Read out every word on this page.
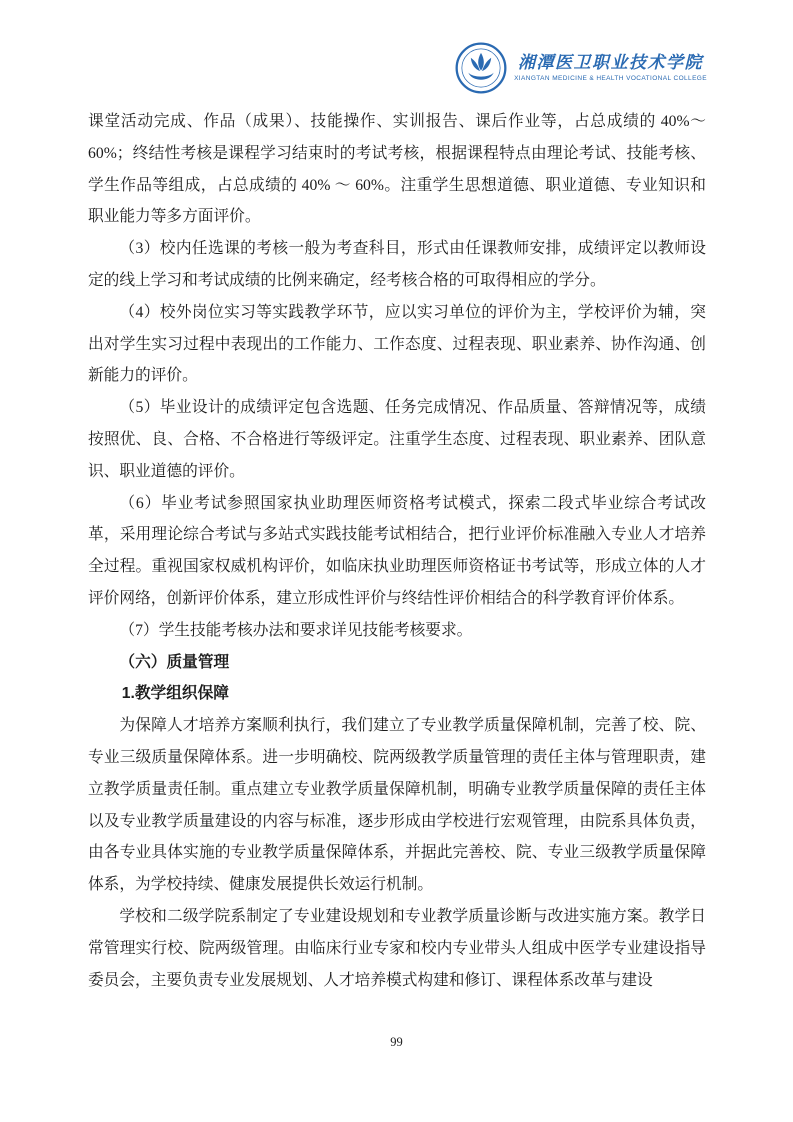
湘潭医卫职业技术学院
XIANGTAN MEDICINE & HEALTH VOCATIONAL COLLEGE

课堂活动完成、作品（成果）、技能操作、实训报告、课后作业等，占总成绩的 40%～60%；终结性考核是课程学习结束时的考试考核，根据课程特点由理论考试、技能考核、学生作品等组成，占总成绩的 40% ～ 60%。注重学生思想道德、职业道德、专业知识和职业能力等多方面评价。

（3）校内任选课的考核一般为考查科目，形式由任课教师安排，成绩评定以教师设定的线上学习和考试成绩的比例来确定，经考核合格的可取得相应的学分。

（4）校外岗位实习等实践教学环节，应以实习单位的评价为主，学校评价为辅，突出对学生实习过程中表现出的工作能力、工作态度、过程表现、职业素养、协作沟通、创新能力的评价。

（5）毕业设计的成绩评定包含选题、任务完成情况、作品质量、答辩情况等，成绩按照优、良、合格、不合格进行等级评定。注重学生态度、过程表现、职业素养、团队意识、职业道德的评价。

（6）毕业考试参照国家执业助理医师资格考试模式，探索二段式毕业综合考试改革，采用理论综合考试与多站式实践技能考试相结合，把行业评价标准融入专业人才培养全过程。重视国家权威机构评价，如临床执业助理医师资格证书考试等，形成立体的人才评价网络，创新评价体系，建立形成性评价与终结性评价相结合的科学教育评价体系。

（7）学生技能考核办法和要求详见技能考核要求。

（六）质量管理

1.教学组织保障

为保障人才培养方案顺利执行，我们建立了专业教学质量保障机制，完善了校、院、专业三级质量保障体系。进一步明确校、院两级教学质量管理的责任主体与管理职责，建立教学质量责任制。重点建立专业教学质量保障机制，明确专业教学质量保障的责任主体以及专业教学质量建设的内容与标准，逐步形成由学校进行宏观管理，由院系具体负责，由各专业具体实施的专业教学质量保障体系，并据此完善校、院、专业三级教学质量保障体系，为学校持续、健康发展提供长效运行机制。

学校和二级学院系制定了专业建设规划和专业教学质量诊断与改进实施方案。教学日常管理实行校、院两级管理。由临床行业专家和校内专业带头人组成中医学专业建设指导委员会，主要负责专业发展规划、人才培养模式构建和修订、课程体系改革与建设

99
